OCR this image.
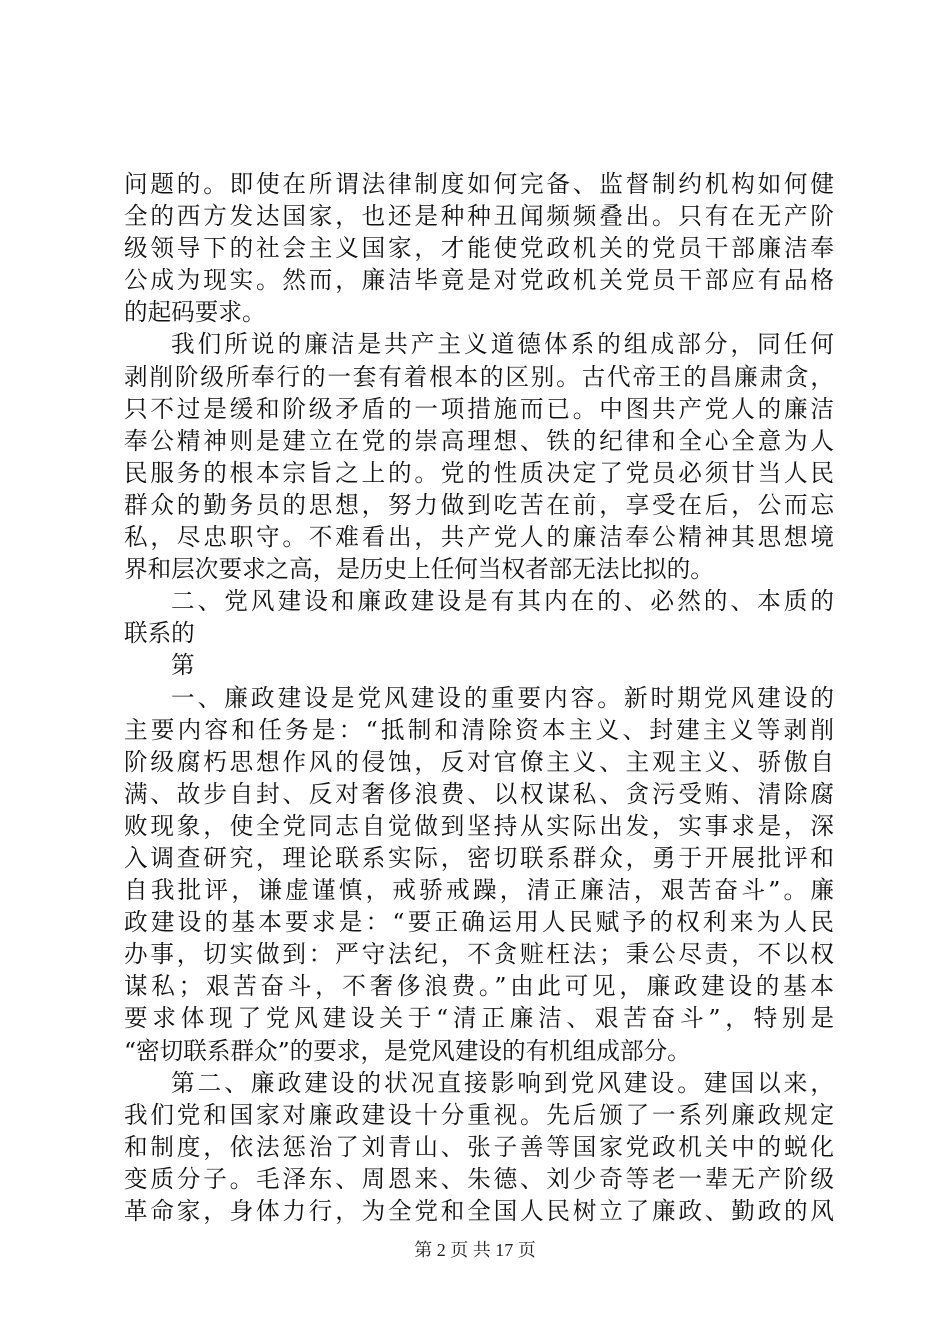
问题的。即使在所谓法律制度如何完备、监督制约机构如何健
全的西方发达国家，也还是种种丑闻频频叠出。只有在无产阶
级领导下的社会主义国家，才能使党政机关的党员干部廉洁奉
公成为现实。然而，廉洁毕竟是对党政机关党员干部应有品格
的起码要求。
我们所说的廉洁是共产主义道德体系的组成部分，同任何
剥削阶级所奉行的一套有着根本的区别。古代帝王的昌廉肃贪，
只不过是缓和阶级矛盾的一项措施而已。中图共产党人的廉洁
奉公精神则是建立在党的崇高理想、铁的纪律和全心全意为人
民服务的根本宗旨之上的。党的性质决定了党员必须甘当人民
群众的勤务员的思想，努力做到吃苦在前，享受在后，公而忘
私，尽忠职守。不难看出，共产党人的廉洁奉公精神其思想境
界和层次要求之高，是历史上任何当权者部无法比拟的。
二、党风建设和廉政建设是有其内在的、必然的、本质的
联系的
第
一、廉政建设是党风建设的重要内容。新时期党风建设的
主要内容和任务是：“抵制和清除资本主义、封建主义等剥削
阶级腐朽思想作风的侵蚀，反对官僚主义、主观主义、骄傲自
满、故步自封、反对奢侈浪费、以权谋私、贪污受贿、清除腐
败现象，使全党同志自觉做到坚持从实际出发，实事求是，深
入调查研究，理论联系实际，密切联系群众，勇于开展批评和
自我批评，谦虚谨慎，戒骄戒躁，清正廉洁，艰苦奋斗”。廉
政建设的基本要求是：“要正确运用人民赋予的权利来为人民
办事，切实做到：严守法纪，不贪赃枉法；秉公尽责，不以权
谋私；艰苦奋斗，不奢侈浪费。”由此可见，廉政建设的基本
要求体现了党风建设关于“清正廉洁、艰苦奋斗”，特别是
“密切联系群众”的要求，是党风建设的有机组成部分。
第二、廉政建设的状况直接影响到党风建设。建国以来，
我们党和国家对廉政建设十分重视。先后颁了一系列廉政规定
和制度，依法惩治了刘青山、张子善等国家党政机关中的蜕化
变质分子。毛泽东、周恩来、朱德、刘少奇等老一辈无产阶级
革命家，身体力行，为全党和全国人民树立了廉政、勤政的风
第 2 页 共 17 页
